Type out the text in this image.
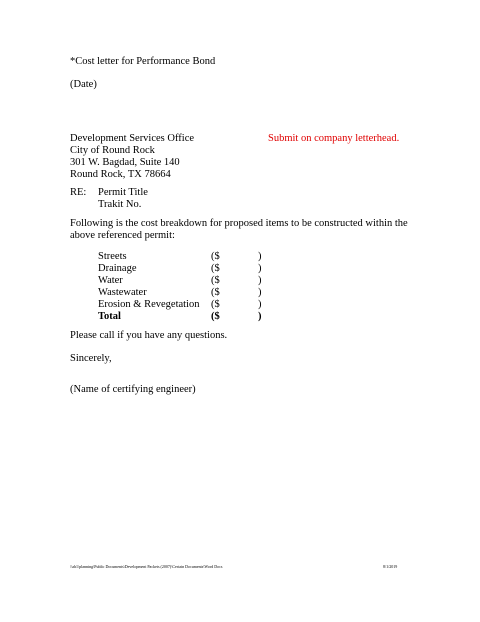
*Cost letter for Performance Bond
(Date)
Development Services Office
City of Round Rock
301 W. Bagdad, Suite 140
Round Rock, TX 78664
Submit on company letterhead.
RE: Permit Title
Trakit No.
Following is the cost breakdown for proposed items to be constructed within the above referenced permit:
Streets	($	)
Drainage	($	)
Water	($	)
Wastewater	($	)
Erosion & Revegetation ($	)
Total	($	)
Please call if you have any questions.
Sincerely,
(Name of certifying engineer)
\\ah1\planning\Public Documents\Development Packets (2007)\Certain Documents\Word Docs	8/1/2019
